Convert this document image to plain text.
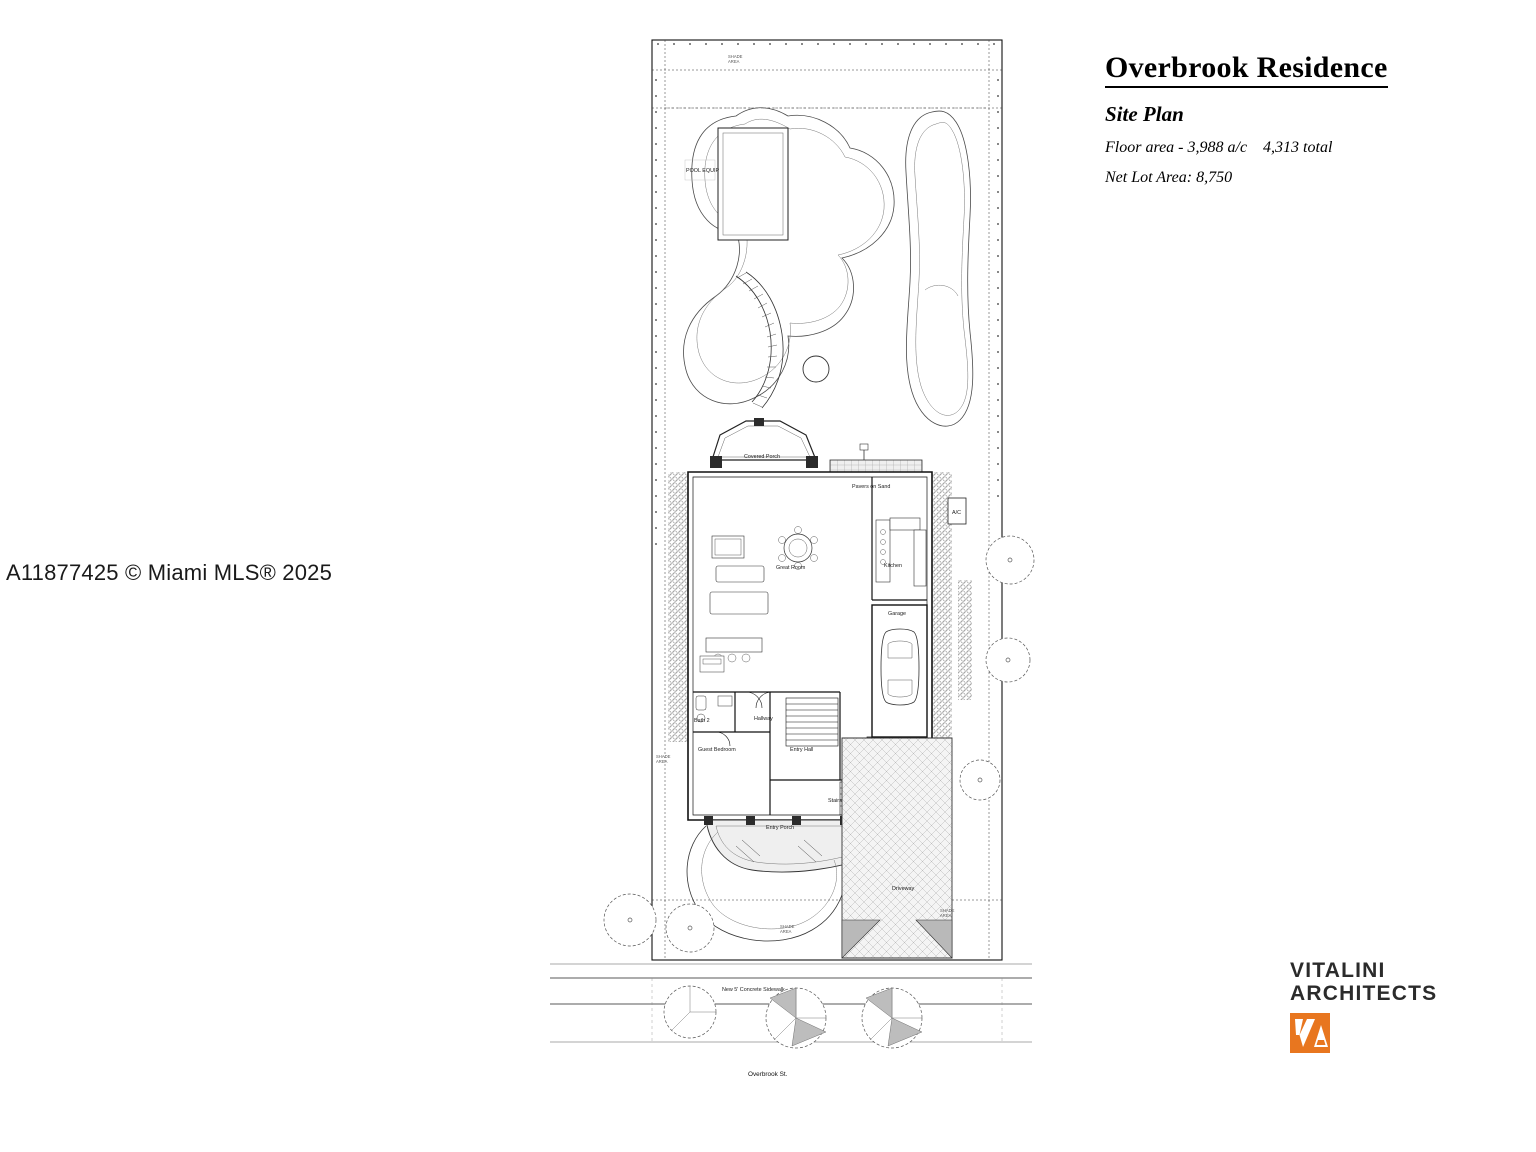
A11877425 © Miami MLS® 2025
Overbrook Residence
Site Plan
Floor area - 3,988 a/c    4,313 total
Net Lot Area: 8,750
VITALINI
ARCHITECTS
SHADE AREA
POOL EQUIP
Covered Porch
Pavers on Sand
A/C
Great Room	Kitchen
Garage
Bath 2	Hallway
Guest Bedroom	Entry Hall
Stairs
Entry Porch
Driveway
SHADE AREA
SHADE AREA
SHADE AREA
New 5' Concrete Sidewalk
Overbrook St.
